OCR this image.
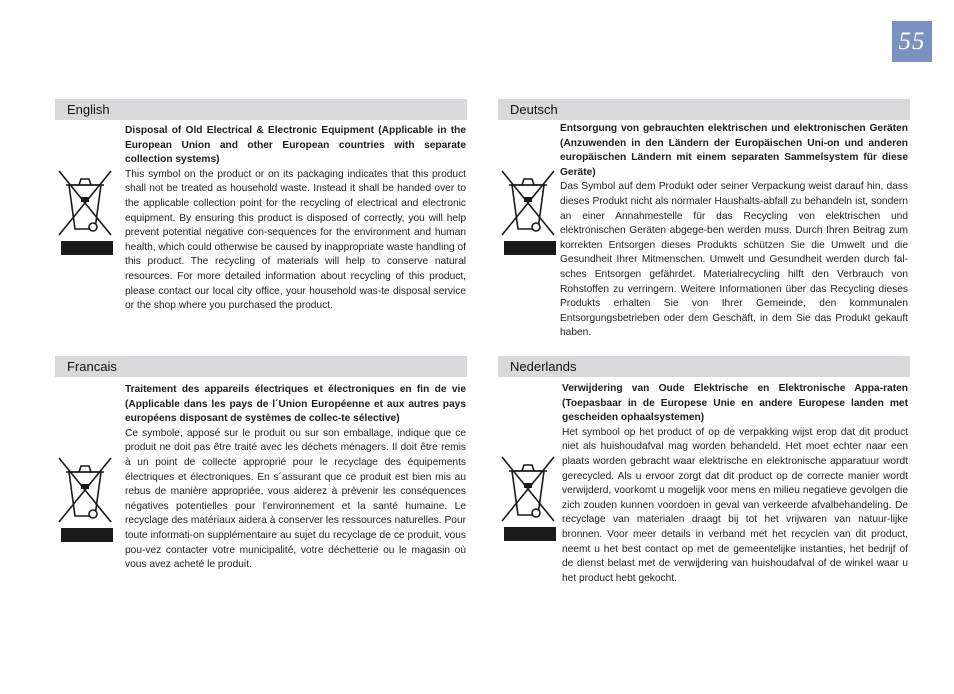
55
English

Disposal of Old Electrical & Electronic Equipment (Applicable in the European Union and other European countries with separate collection systems)

This symbol on the product or on its packaging indicates that this product shall not be treated as household waste. Instead it shall be handed over to the applicable collection point for the recycling of electrical and electronic equipment. By ensuring this product is disposed of correctly, you will help prevent potential negative con-sequences for the environment and human health, which could otherwise be caused by inappropriate waste handling of this product. The recycling of materials will help to conserve natural resources. For more detailed information about recycling of this product, please contact our local city office, your household was-te disposal service or the shop where you purchased the product.

Deutsch

Entsorgung von gebrauchten elektrischen und elektronischen Geräten (Anzuwenden in den Ländern der Europäischen Uni-on und anderen europäischen Ländern mit einem separaten Sammelsystem für diese Geräte)

Das Symbol auf dem Produkt oder seiner Verpackung weist darauf hin, dass dieses Produkt nicht als normaler Haushalts-abfall zu behandeln ist, sondern an einer Annahmestelle für das Recycling von elektrischen und elektronischen Geräten abgege-ben werden muss. Durch Ihren Beitrag zum korrekten Entsorgen dieses Produkts schützen Sie die Umwelt und die Gesundheit Ihrer Mitmenschen. Umwelt und Gesundheit werden durch fal-sches Entsorgen gefährdet. Materialrecycling hilft den Verbrauch von Rohstoffen zu verringern. Weitere Informationen über das Recycling dieses Produkts erhalten Sie von Ihrer Gemeinde, den kommunalen Entsorgungsbetrieben oder dem Geschäft, in dem Sie das Produkt gekauft haben.

Francais

Traitement des appareils électriques et électroniques en fin de vie (Applicable dans les pays de l´Union Européenne et aux autres pays européens disposant de systèmes de collec-te sélective)

Ce symbole, apposé sur le produit ou sur son emballage, indique que ce produit ne doit pas être traité avec les déchets ménagers. Il doit être remis à un point de collecte approprié pour le recyclage des équipements électriques et électroniques. En s´assurant que ce produit est bien mis au rebus de manière appropriée, vous aiderez à prévenir les conséquences négatives potentielles pour l'environnement et la santé humaine. Le recyclage des matériaux aidera à conserver les ressources naturelles. Pour toute informati-on supplémentaire au sujet du recyclage de ce produit, vous pou-vez contacter votre municipalité, votre déchetterie ou le magasin où vous avez acheté le produit.

Nederlands

Verwijdering van Oude Elektrische en Elektronische Appa-raten (Toepasbaar in de Europese Unie en andere Europese landen met gescheiden ophaalsystemen)

Het symbool op het product of op de verpakking wijst erop dat dit product niet als huishoudafval mag worden behandeld. Het moet echter naar een plaats worden gebracht waar elektrische en elektronische apparatuur wordt gerecycled. Als u ervoor zorgt dat dit product op de correcte manier wordt verwijderd, voorkomt u mogelijk voor mens en milieu negatieve gevolgen die zich zouden kunnen voordoen in geval van verkeerde afvalbehandeling. De recyclage van materialen draagt bij tot het vrijwaren van natuur-lijke bronnen. Voor meer details in verband met het recyclen van dit product, neemt u het best contact op met de gemeentelijke instanties, het bedrijf of de dienst belast met de verwijdering van huishoudafval of de winkel waar u het product hebt gekocht.
